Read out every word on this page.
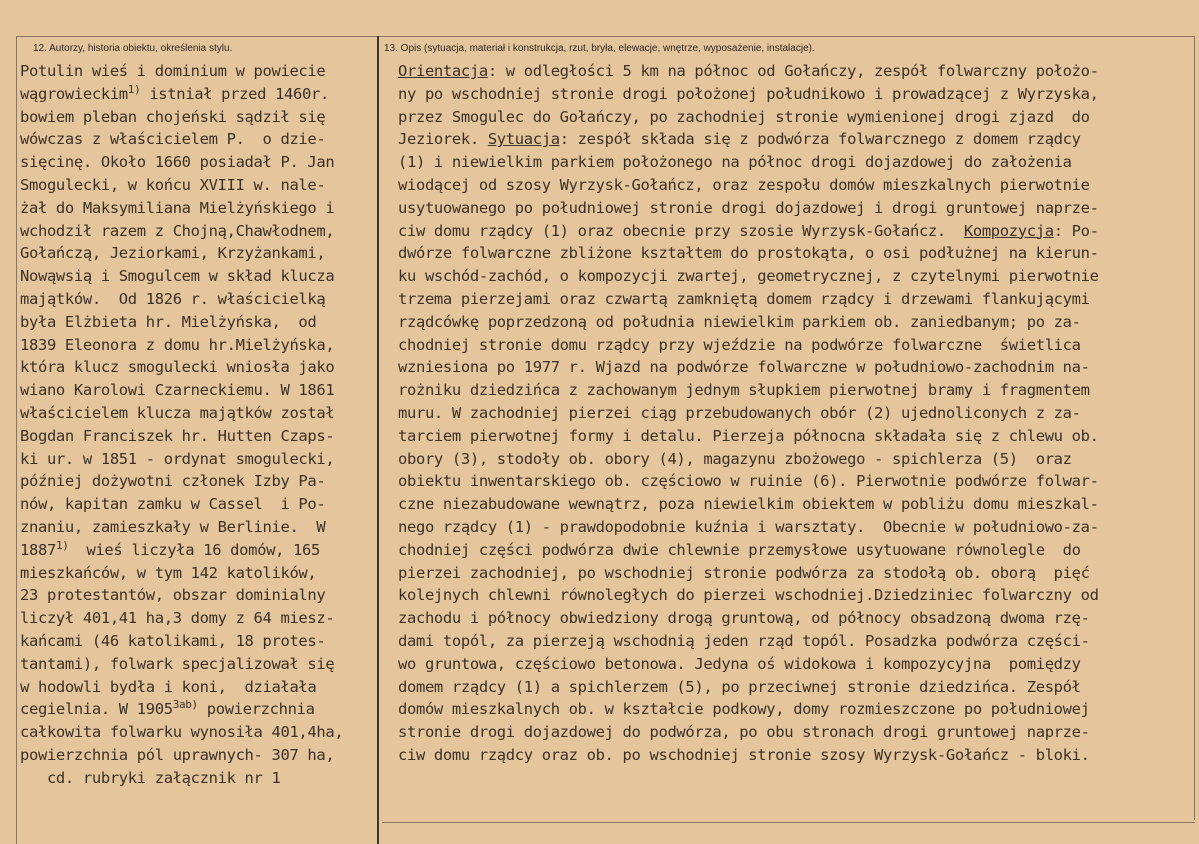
12. Autorzy, historia obiektu, określenia stylu.	13. Opis (sytuacja, materiał i konstrukcja, rzut, bryła, elewacje, wnętrze, wyposażenie, instalacje).
Potulin wieś i dominium w powiecie
wągrowieckim$^{1)}$ istniał przed 1460r.
bowiem pleban chojeński sądził się
wówczas z właścicielem P.  o dzie-
sięcinę. Około 1660 posiadał P. Jan
Smogulecki, w końcu XVIII w. nale-
żał do Maksymiliana Mielżyńskiego i
wchodził razem z Chojną,Chawłodnem,
Gołańczą, Jeziorkami, Krzyżankami,
Nowąwsią i Smogulcem w skład klucza
majątków.  Od 1826 r. właścicielką
była Elżbieta hr. Mielżyńska,  od
1839 Eleonora z domu hr.Mielżyńska,
która klucz smogulecki wniosła jako
wiano Karolowi Czarneckiemu. W 1861
właścicielem klucza majątków został
Bogdan Franciszek hr. Hutten Czaps-
ki ur. w 1851 - ordynat smogulecki,
później dożywotni członek Izby Pa-
nów, kapitan zamku w Cassel  i Po-
znaniu, zamieszkały w Berlinie.  W
1887$^{1)}$  wieś liczyła 16 domów, 165
mieszkańców, w tym 142 katolików,
23 protestantów, obszar dominialny
liczył 401,41 ha,3 domy z 64 miesz-
kańcami (46 katolikami, 18 protes-
tantami), folwark specjalizował się
w hodowli bydła i koni,  działała
cegielnia. W $1905^{3ab)}$ powierzchnia
całkowita folwarku wynosiła 401,4ha,
powierzchnia pól uprawnych- 307 ha,
cd. rubryki załącznik nr 1
Orientacja: w odległości 5 km na północ od Gołańczy, zespół folwarczny położo-
ny po wschodniej stronie drogi położonej południkowo i prowadzącej z Wyrzyska,
przez Smogulec do Gołańczy, po zachodniej stronie wymienionej drogi zjazd  do
Jeziorek. Sytuacja: zespół składa się z podwórza folwarcznego z domem rządcy
(1) i niewielkim parkiem położonego na północ drogi dojazdowej do założenia
wiodącej od szosy Wyrzysk-Gołańcz, oraz zespołu domów mieszkalnych pierwotnie
usytuowanego po południowej stronie drogi dojazdowej i drogi gruntowej naprze-
ciw domu rządcy (1) oraz obecnie przy szosie Wyrzysk-Gołańcz.  Kompozycja: Po-
dwórze folwarczne zbliżone kształtem do prostokąta, o osi podłużnej na kierun-
ku wschód-zachód, o kompozycji zwartej, geometrycznej, z czytelnymi pierwotnie
trzema pierzejami oraz czwartą zamkniętą domem rządcy i drzewami flankującymi
rządcówkę poprzedzoną od południa niewielkim parkiem ob. zaniedbanym; po za-
chodniej stronie domu rządcy przy wjeździe na podwórze folwarczne  świetlica
wzniesiona po 1977 r. Wjazd na podwórze folwarczne w południowo-zachodnim na-
rożniku dziedzińca z zachowanym jednym słupkiem pierwotnej bramy i fragmentem
muru. W zachodniej pierzei ciąg przebudowanych obór (2) ujednoliconych z za-
tarciem pierwotnej formy i detalu. Pierzeja północna składała się z chlewu ob.
obory (3), stodoły ob. obory (4), magazynu zbożowego - spichlerza (5)  oraz
obiektu inwentarskiego ob. częściowo w ruinie (6). Pierwotnie podwórze folwar-
czne niezabudowane wewnątrz, poza niewielkim obiektem w pobliżu domu mieszkal-
nego rządcy (1) - prawdopodobnie kuźnia i warsztaty.  Obecnie w południowo-za-
chodniej części podwórza dwie chlewnie przemysłowe usytuowane równolegle  do
pierzei zachodniej, po wschodniej stronie podwórza za stodołą ob. oborą  pięć
kolejnych chlewni równoległych do pierzei wschodniej.Dziedziniec folwarczny od
zachodu i północy obwiedziony drogą gruntową, od północy obsadzoną dwoma rzę-
dami topól, za pierzeją wschodnią jeden rząd topól. Posadzka podwórza części-
wo gruntowa, częściowo betonowa. Jedyna oś widokowa i kompozycyjna  pomiędzy
domem rządcy (1) a spichlerzem (5), po przeciwnej stronie dziedzińca. Zespół
domów mieszkalnych ob. w kształcie podkowy, domy rozmieszczone po południowej
stronie drogi dojazdowej do podwórza, po obu stronach drogi gruntowej naprze-
ciw domu rządcy oraz ob. po wschodniej stronie szosy Wyrzysk-Gołańcz - bloki.
